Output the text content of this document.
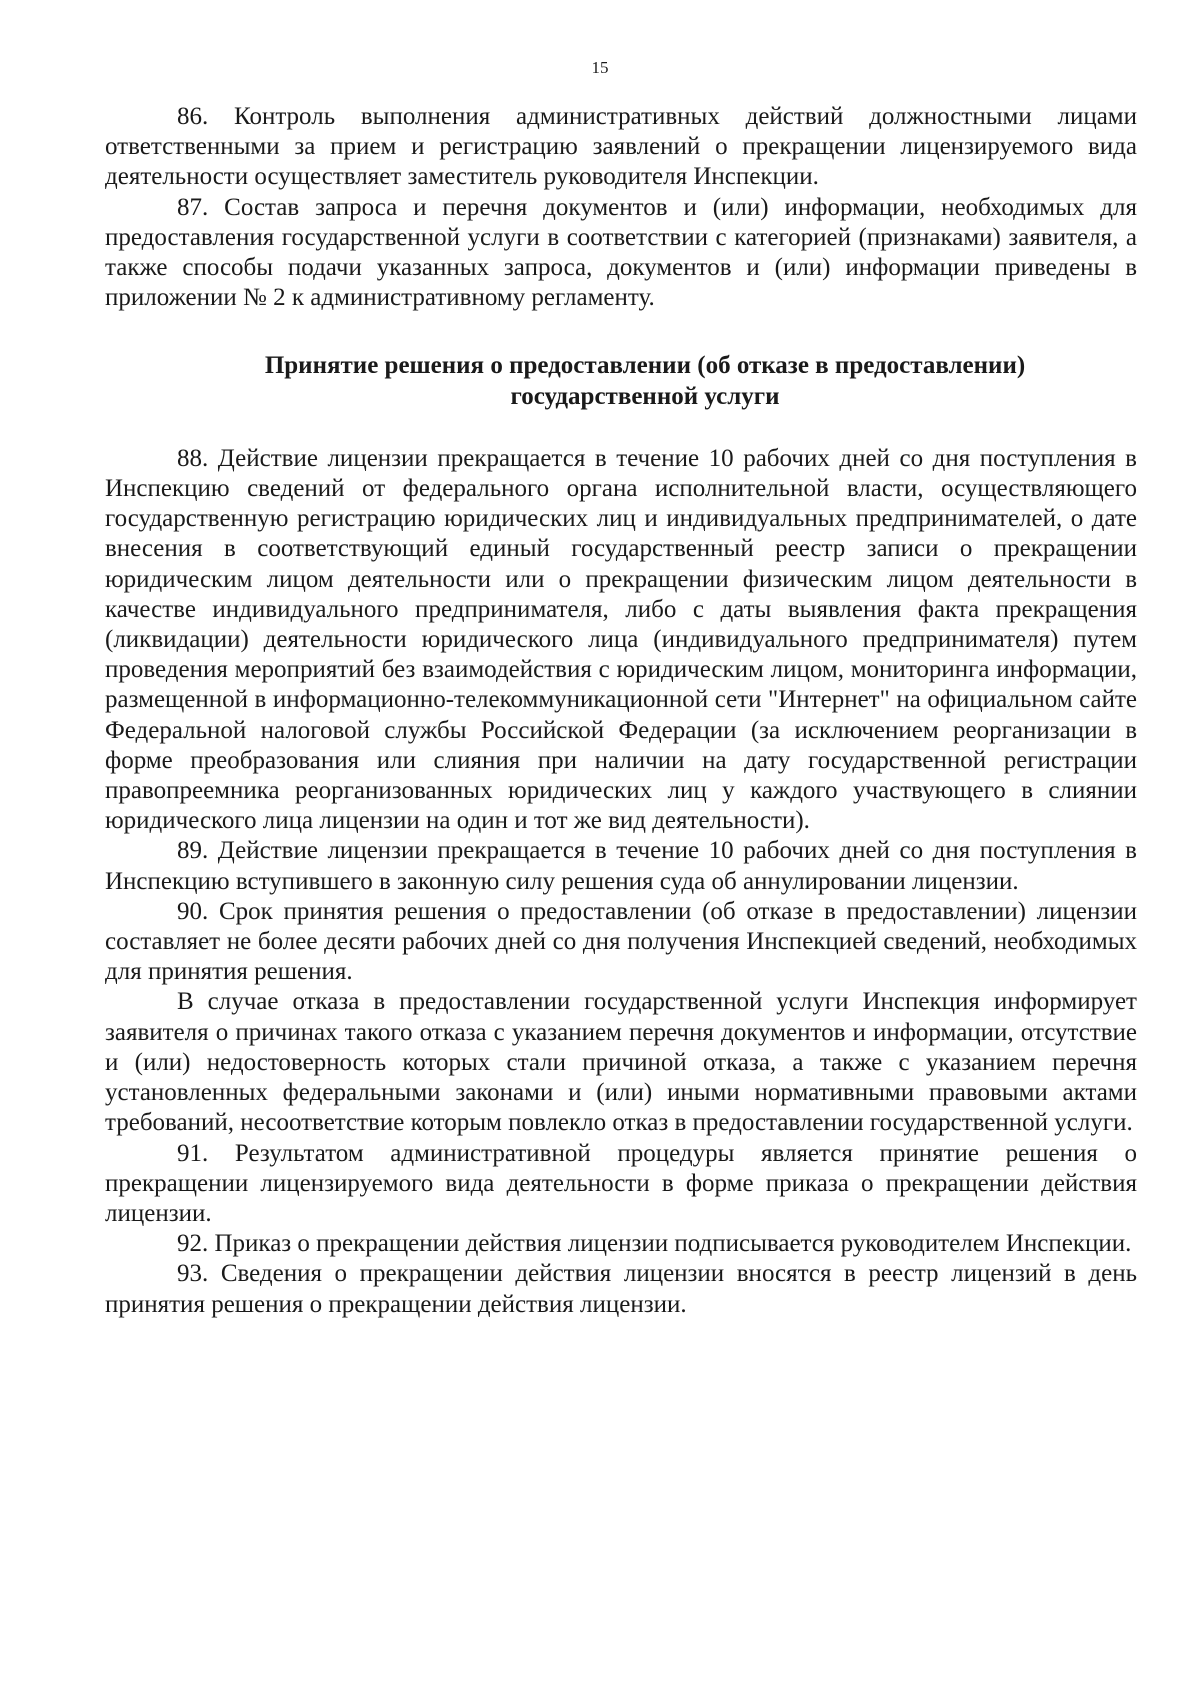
15

86. Контроль выполнения административных действий должностными лицами ответственными за прием и регистрацию заявлений о прекращении лицензируемого вида деятельности осуществляет заместитель руководителя Инспекции.

87. Состав запроса и перечня документов и (или) информации, необходимых для предоставления государственной услуги в соответствии с категорией (признаками) заявителя, а также способы подачи указанных запроса, документов и (или) информации приведены в приложении № 2 к административному регламенту.

Принятие решения о предоставлении (об отказе в предоставлении)
государственной услуги

88. Действие лицензии прекращается в течение 10 рабочих дней со дня поступления в Инспекцию сведений от федерального органа исполнительной власти, осуществляющего государственную регистрацию юридических лиц и индивидуальных предпринимателей, о дате внесения в соответствующий единый государственный реестр записи о прекращении юридическим лицом деятельности или о прекращении физическим лицом деятельности в качестве индивидуального предпринимателя, либо с даты выявления факта прекращения (ликвидации) деятельности юридического лица (индивидуального предпринимателя) путем проведения мероприятий без взаимодействия с юридическим лицом, мониторинга информации, размещенной в информационно-телекоммуникационной сети "Интернет" на официальном сайте Федеральной налоговой службы Российской Федерации (за исключением реорганизации в форме преобразования или слияния при наличии на дату государственной регистрации правопреемника реорганизованных юридических лиц у каждого участвующего в слиянии юридического лица лицензии на один и тот же вид деятельности).

89. Действие лицензии прекращается в течение 10 рабочих дней со дня поступления в Инспекцию вступившего в законную силу решения суда об аннулировании лицензии.

90. Срок принятия решения о предоставлении (об отказе в предоставлении) лицензии составляет не более десяти рабочих дней со дня получения Инспекцией сведений, необходимых для принятия решения.

В случае отказа в предоставлении государственной услуги Инспекция информирует заявителя о причинах такого отказа с указанием перечня документов и информации, отсутствие и (или) недостоверность которых стали причиной отказа, а также с указанием перечня установленных федеральными законами и (или) иными нормативными правовыми актами требований, несоответствие которым повлекло отказ в предоставлении государственной услуги.

91. Результатом административной процедуры является принятие решения о прекращении лицензируемого вида деятельности в форме приказа о прекращении действия лицензии.

92. Приказ о прекращении действия лицензии подписывается руководителем Инспекции.

93. Сведения о прекращении действия лицензии вносятся в реестр лицензий в день принятия решения о прекращении действия лицензии.
